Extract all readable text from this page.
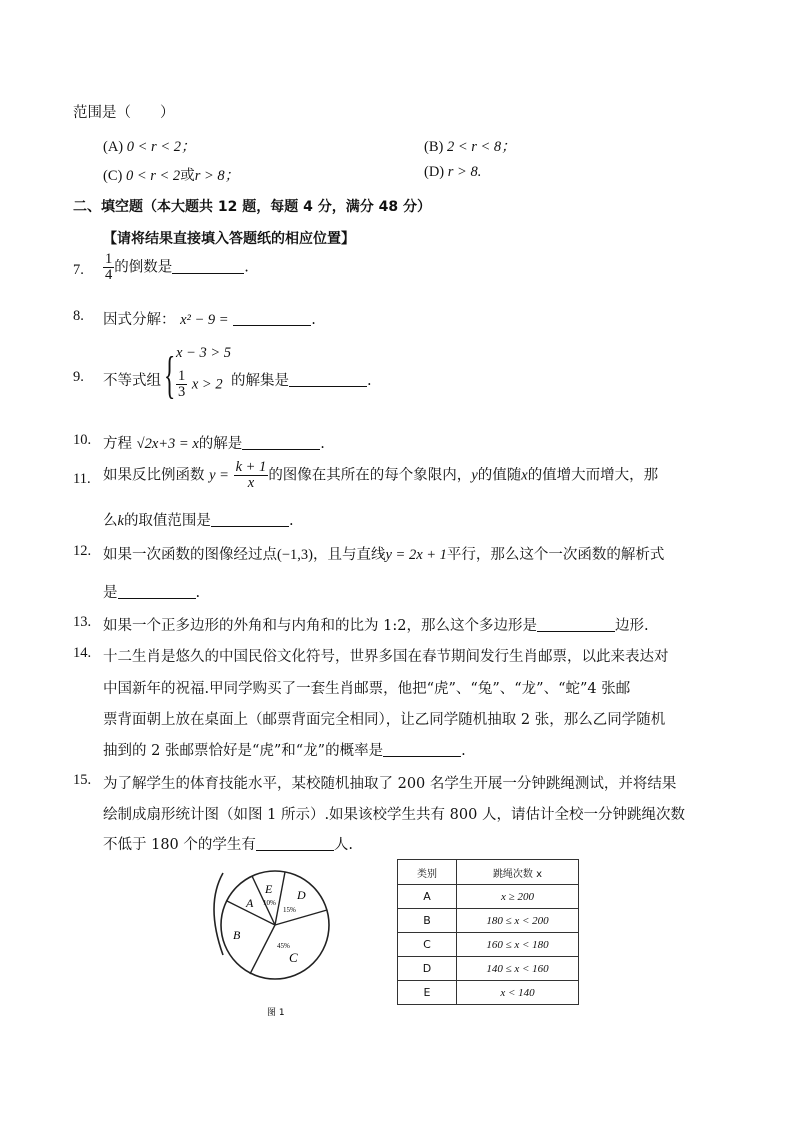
范围是（　　）
(A) 0 < r < 2；	(B) 2 < r < 8；
(C) 0 < r < 2或r > 8；	(D) r > 8.
二、填空题（本大题共 12 题，每题 4 分，满分 48 分）
【请将结果直接填入答题纸的相应位置】
7. $\frac{1}{4}$ 的倒数是	.
8. 因式分解： x² − 9 =	.
9. 不等式组 { x − 3 > 5
$\frac{1}{3}$ x > 2 的解集是	.
10. 方程 √2x+3 = x的解是	.
11. 如果反比例函数 $y = \frac{k + 1}{x}$ 的图像在其所在的每个象限内，y的值随x的值增大而增大，那
么k的取值范围是	.
12. 如果一次函数的图像经过点(−1,3)，且与直线y = 2x + 1平行，那么这个一次函数的解析式
是	.
13. 如果一个正多边形的外角和与内角和的比为 1:2，那么这个多边形是	边形.
14. 十二生肖是悠久的中国民俗文化符号，世界多国在春节期间发行生肖邮票，以此来表达对
中国新年的祝福.甲同学购买了一套生肖邮票，他把“虎”、“兔”、“龙”、“蛇”4 张邮
票背面朝上放在桌面上（邮票背面完全相同），让乙同学随机抽取 2 张，那么乙同学随机
抽到的 2 张邮票恰好是“虎”和“龙”的概率是	.
15. 为了解学生的体育技能水平，某校随机抽取了 200 名学生开展一分钟跳绳测试，并将结果
绘制成扇形统计图（如图 1 所示）.如果该校学生共有 800 人，请估计全校一分钟跳绳次数
不低于 180 个的学生有	人.
E
10%
D
15%
A
B
45%
C
图 1
类别	跳绳次数 x
A	x ≥ 200
B	180 ≤ x < 200
C	160 ≤ x < 180
D	140 ≤ x < 160
E	x < 140
